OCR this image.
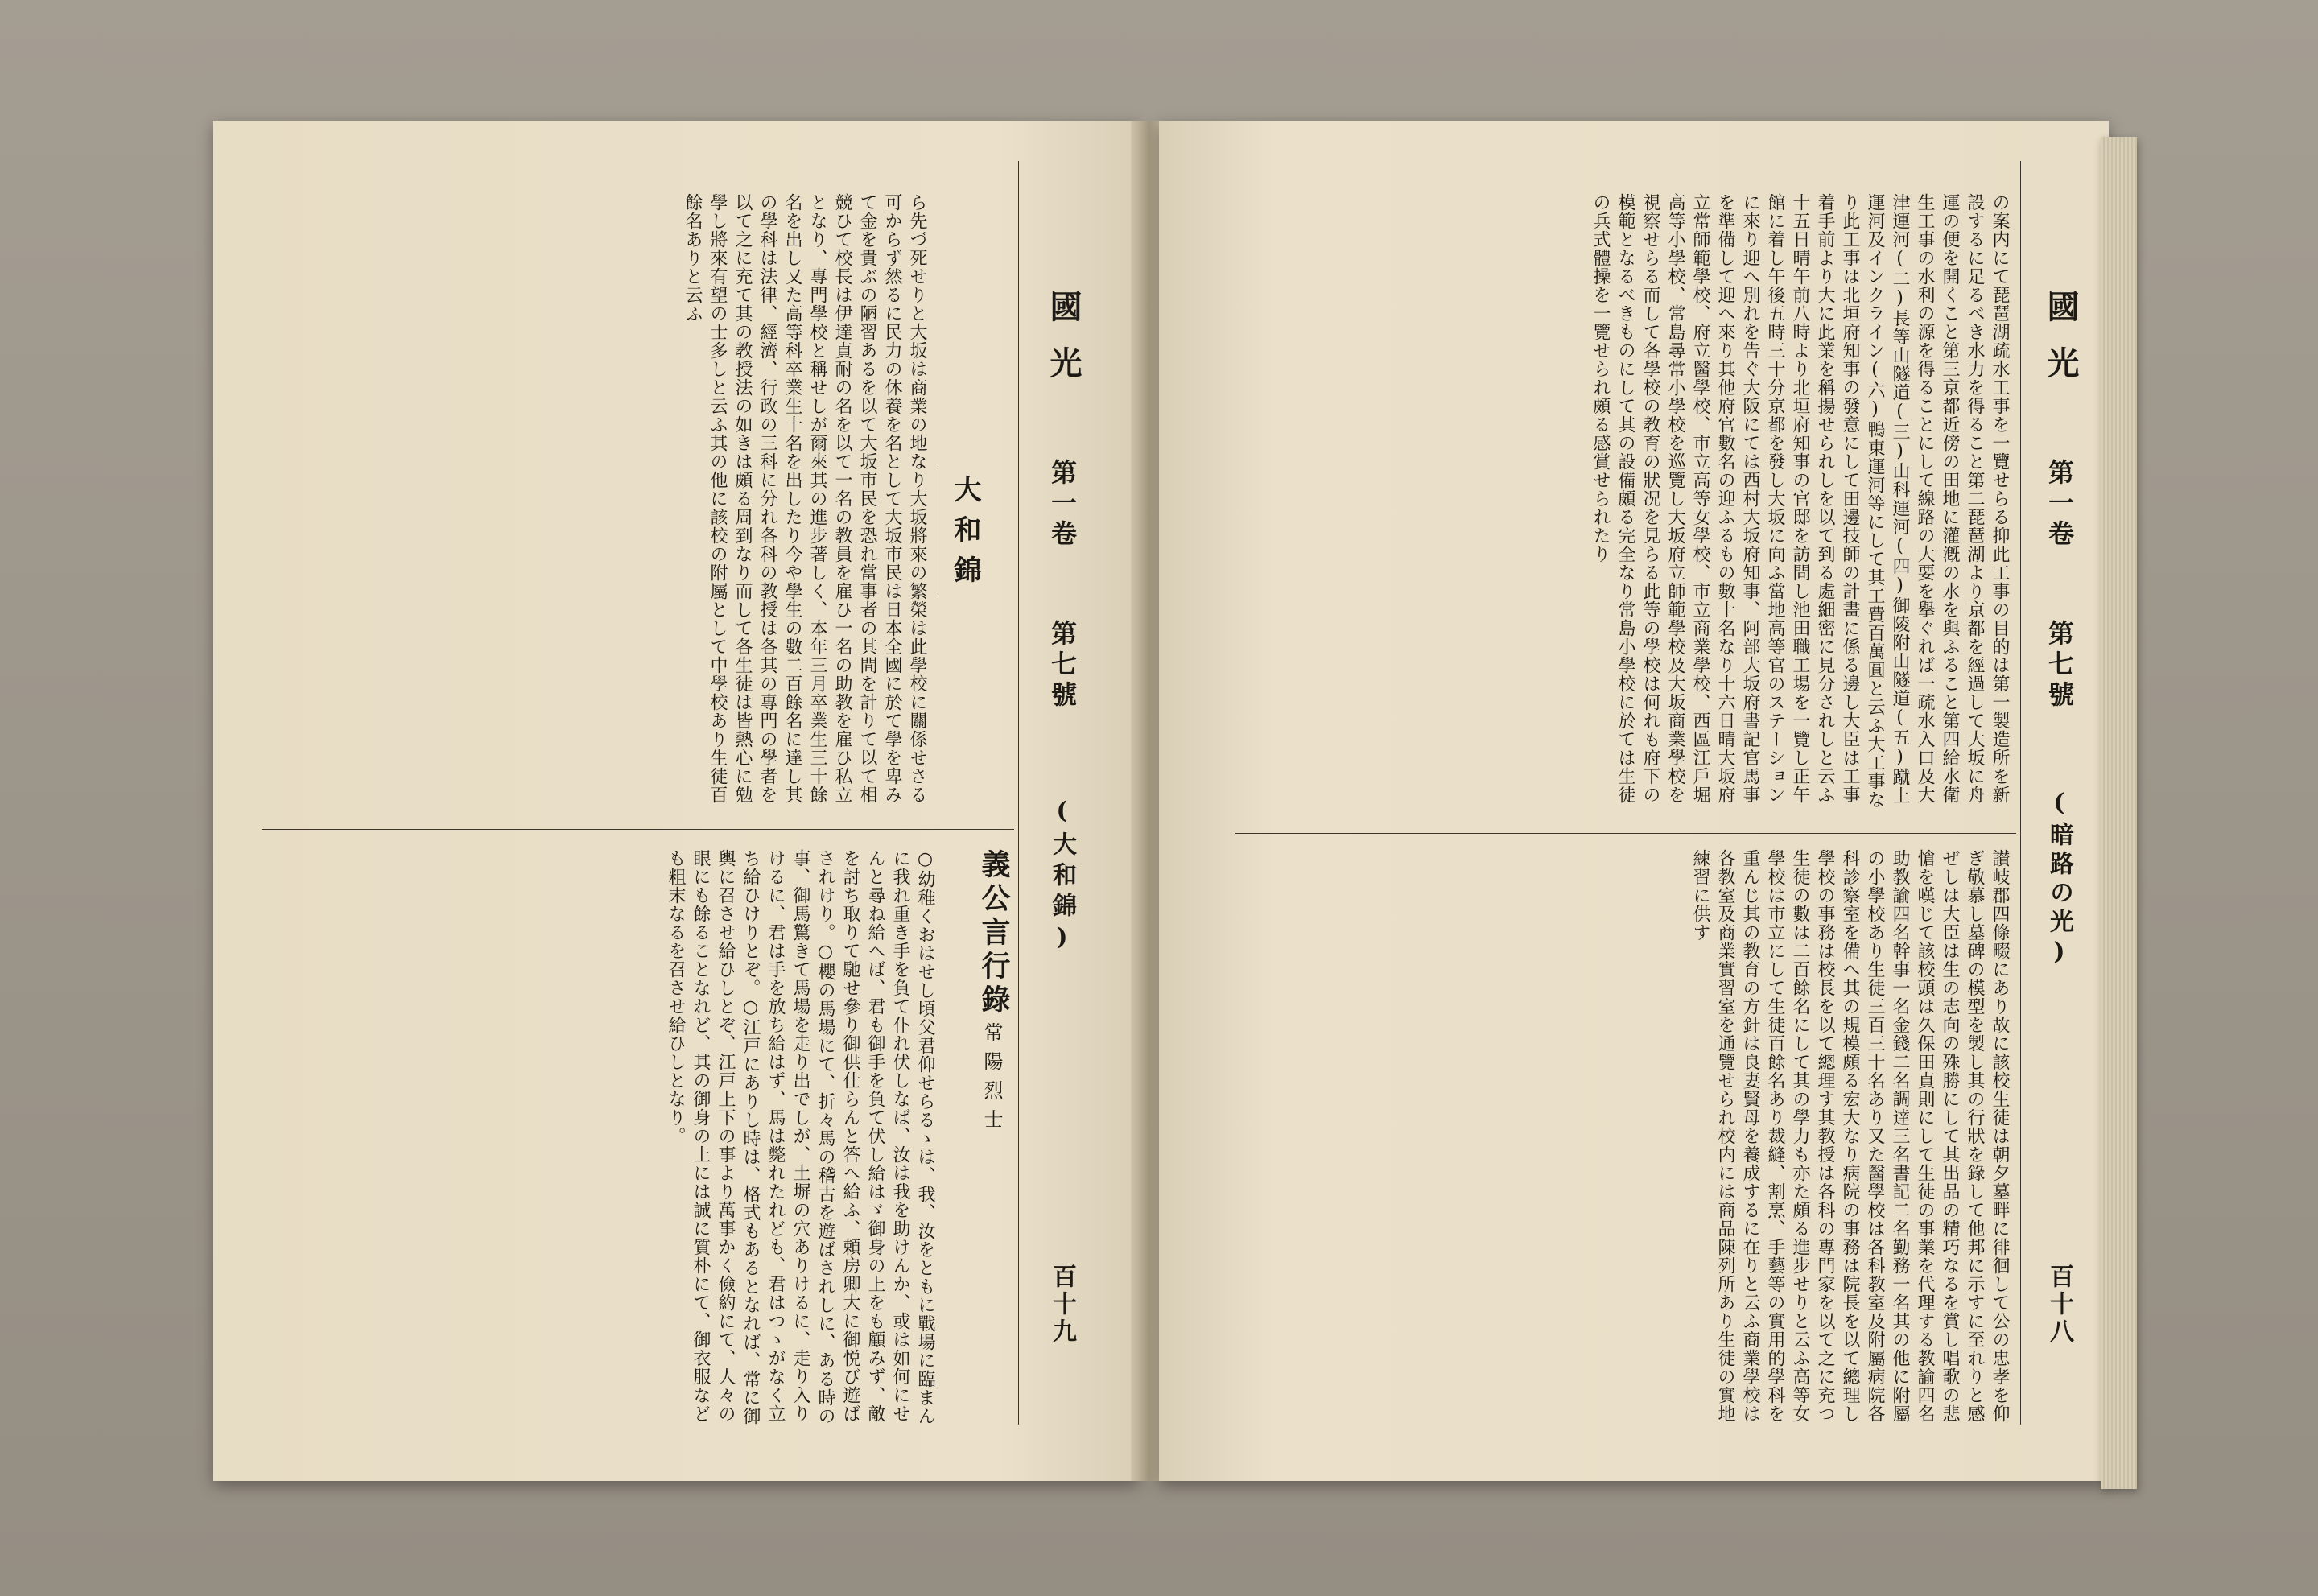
國光
第一卷
第七號
(大和錦)
百十九
大和錦
ら先づ死せりと大坂は商業の地なり大坂將來の繁榮は此學校に關係せさる可からず然るに民力の休養を名として大坂市民は日本全國に於て學を卑みて金を貴ぶの陋習あるを以て大坂市民を恐れ當事者の其間を計りて以て相競ひて校長は伊達貞耐の名を以て一名の教員を雇ひ一名の助教を雇ひ私立となり、專門學校と稱せしが爾來其の進步著しく、本年三月卒業生三十餘名を出し又た高等科卒業生十名を出したり今や學生の數二百餘名に達し其の學科は法律、經濟、行政の三科に分れ各科の教授は各其の專門の學者を以て之に充て其の教授法の如きは頗る周到なり而して各生徒は皆熱心に勉學し將來有望の士多しと云ふ其の他に該校の附屬として中學校あり生徒百餘名ありと云ふ
義公言行錄
常陽烈士
○幼稚くおはせし頃父君仰せらるゝは、我、汝をともに戰場に臨まんに我れ重き手を負て仆れ伏しなば、汝は我を助けんか、或は如何にせんと尋ね給へば、君も御手を負て伏し給はゞ御身の上をも顧みず、敵を討ち取りて馳せ參り御供仕らんと答へ給ふ、頼房卿大に御悦び遊ばされけり。○櫻の馬場にて、折々馬の稽古を遊ばされしに、ある時の事、御馬驚きて馬場を走り出でしが、土塀の穴ありけるに、走り入りけるに、君は手を放ち給はず、馬は斃れたれども、君はつゝがなく立ち給ひけりとぞ。○江戸にありし時は、格式もあるとなれば、常に御輿に召させ給ひしとぞ、江戸上下の事より萬事かく儉約にて、人々の眼にも餘ることなれど、其の御身の上には誠に質朴にて、御衣服なども粗末なるを召させ給ひしとなり。
國光
第一卷
第七號
(暗路の光)
百十八
の案内にて琵琶湖疏水工事を一覽せらる抑此工事の目的は第一製造所を新設するに足るべき水力を得ること第二琵琶湖より京都を經過して大坂に舟運の便を開くこと第三京都近傍の田地に灌漑の水を與ふること第四給水衛生工事の水利の源を得ることにして線路の大要を擧ぐれば一疏水入口及大津運河(二)長等山隧道(三)山科運河(四)御陵附山隧道(五)蹴上運河及インクライン(六)鴨東運河等にして其工費百萬圓と云ふ大工事なり此工事は北垣府知事の發意にして田邊技師の計畫に係る邊し大臣は工事着手前より大に此業を稱揚せられしを以て到る處細密に見分されしと云ふ十五日晴午前八時より北垣府知事の官邸を訪問し池田職工場を一覽し正午館に着し午後五時三十分京都を發し大坂に向ふ當地高等官のステーションに來り迎へ別れを告ぐ大阪にては西村大坂府知事、阿部大坂府書記官馬事を準備して迎へ來り其他府官數名の迎ふるもの數十名なり十六日晴大坂府立常師範學校、府立醫學校、市立高等女學校、市立商業學校、西區江戶堀高等小學校、常島尋常小學校を巡覽し大坂府立師範學校及大坂商業學校を視察せらる而して各學校の教育の狀况を見らる此等の學校は何れも府下の模範となるべきものにして其の設備頗る完全なり常島小學校に於ては生徒の兵式體操を一覽せられ頗る感賞せられたり
讃岐郡四條畷にあり故に該校生徒は朝夕墓畔に徘徊して公の忠孝を仰ぎ敬慕し墓碑の模型を製し其の行狀を錄して他邦に示すに至れりと感ぜしは大臣は生の志向の殊勝にして其出品の精巧なるを賞し唱歌の悲愴を嘆じて該校頭は久保田貞則にして生徒の事業を代理する教諭四名助教諭四名幹事一名金錢二名調達三名書記二名勤務一名其の他に附屬の小學校あり生徒三百三十名あり又た醫學校は各科教室及附屬病院各科診察室を備へ其の規模頗る宏大なり病院の事務は院長を以て總理し學校の事務は校長を以て總理す其教授は各科の專門家を以て之に充つ生徒の數は二百餘名にして其の學力も亦た頗る進步せりと云ふ高等女學校は市立にして生徒百餘名あり裁縫、割烹、手藝等の實用的學科を重んじ其の教育の方針は良妻賢母を養成するに在りと云ふ商業學校は各教室及商業實習室を通覽せられ校内には商品陳列所あり生徒の實地練習に供す
